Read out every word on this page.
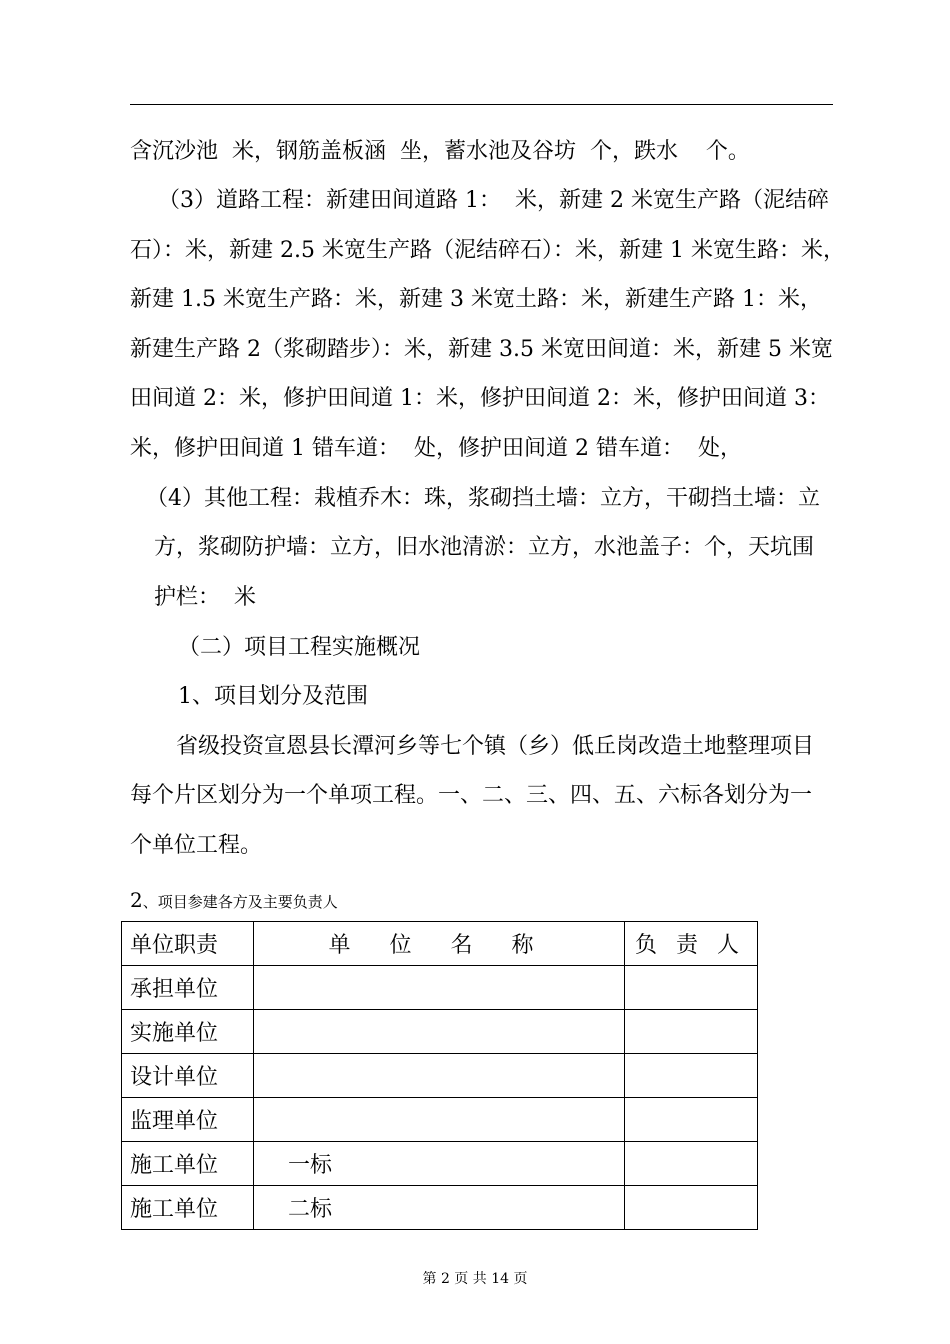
含沉沙池  米，钢筋盖板涵  坐，蓄水池及谷坊  个，跌水    个。
（3）道路工程：新建田间道路 1：  米，新建 2 米宽生产路（泥结碎
石）：米，新建 2.5 米宽生产路（泥结碎石）：米，新建 1 米宽生路：米，
新建 1.5 米宽生产路：米，新建 3 米宽土路：米，新建生产路 1：米，
新建生产路 2（浆砌踏步）：米，新建 3.5 米宽田间道：米，新建 5 米宽
田间道 2：米，修护田间道 1：米，修护田间道 2：米，修护田间道 3：
米，修护田间道 1 错车道：  处，修护田间道 2 错车道：  处，
（4）其他工程：栽植乔木：珠，浆砌挡土墙：立方，干砌挡土墙：立
方，浆砌防护墙：立方，旧水池清淤：立方，水池盖子：个，天坑围
护栏：  米
（二）项目工程实施概况
1、项目划分及范围
省级投资宣恩县长潭河乡等七个镇（乡）低丘岗改造土地整理项目
每个片区划分为一个单项工程。一、二、三、四、五、六标各划分为一
个单位工程。
2、项目参建各方及主要负责人
单位职责	单 位 名 称	负 责 人
承担单位		
实施单位		
设计单位		
监理单位		
施工单位	一标	
施工单位	二标	
第 2 页 共 14 页
